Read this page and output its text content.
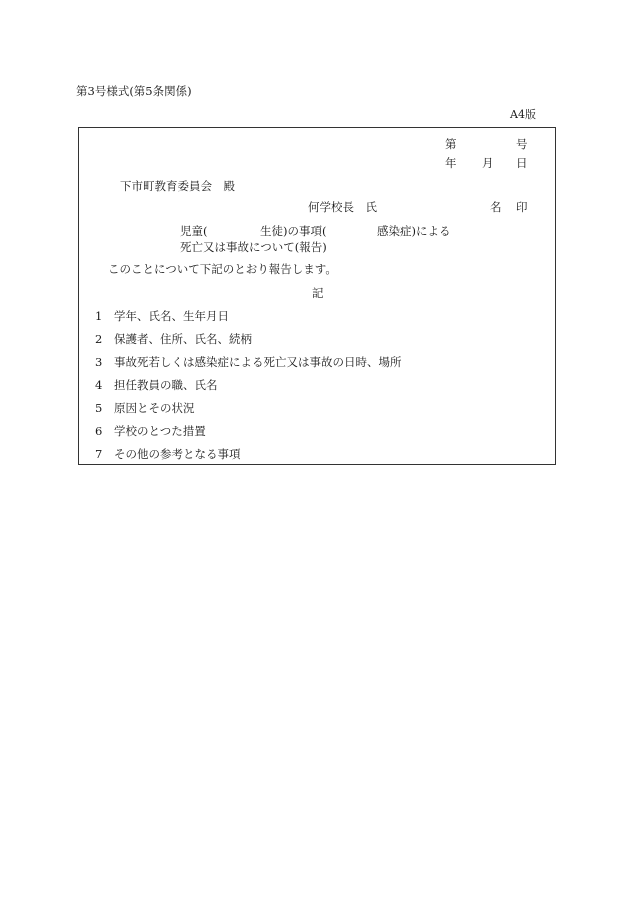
第3号様式(第5条関係)
A4版
第	号
年 月 日
下市町教育委員会　殿
何学校長　氏	名 印
児童(	生徒)の事項(	感染症)による
死亡又は事故について(報告)
このことについて下記のとおり報告します。
記
1 学年、氏名、生年月日
2 保護者、住所、氏名、続柄
3 事故死若しくは感染症による死亡又は事故の日時、場所
4 担任教員の職、氏名
5 原因とその状況
6 学校のとつた措置
7 その他の参考となる事項
